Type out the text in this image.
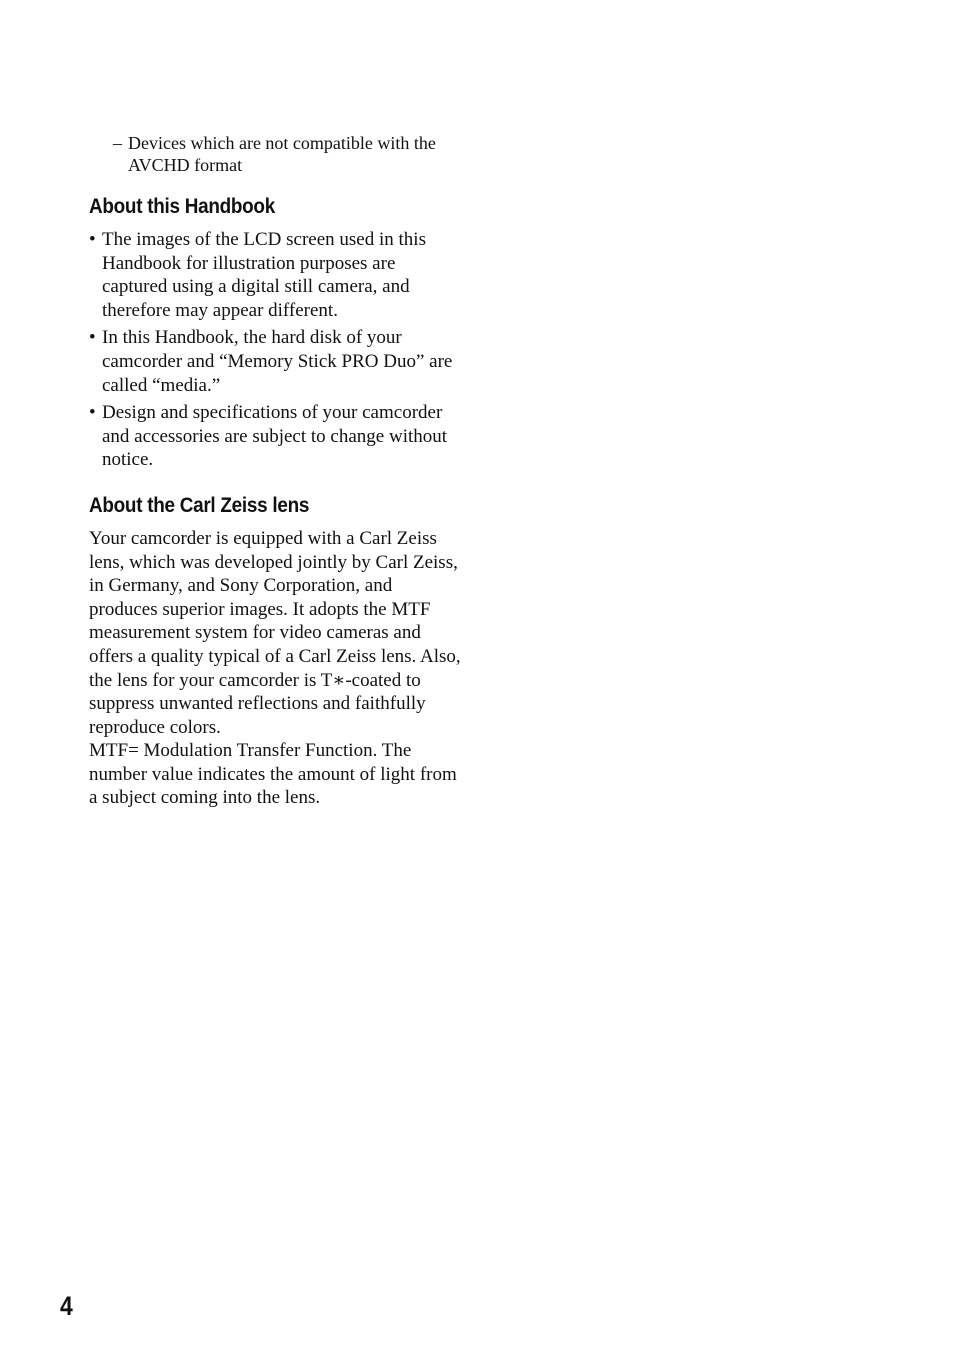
– Devices which are not compatible with the AVCHD format
About this Handbook
• The images of the LCD screen used in this Handbook for illustration purposes are captured using a digital still camera, and therefore may appear different.
• In this Handbook, the hard disk of your camcorder and “Memory Stick PRO Duo” are called “media.”
• Design and specifications of your camcorder and accessories are subject to change without notice.
About the Carl Zeiss lens

Your camcorder is equipped with a Carl Zeiss lens, which was developed jointly by Carl Zeiss, in Germany, and Sony Corporation, and produces superior images. It adopts the MTF measurement system for video cameras and offers a quality typical of a Carl Zeiss lens. Also, the lens for your camcorder is T∗-coated to suppress unwanted reflections and faithfully reproduce colors.

MTF= Modulation Transfer Function. The number value indicates the amount of light from a subject coming into the lens.

4
